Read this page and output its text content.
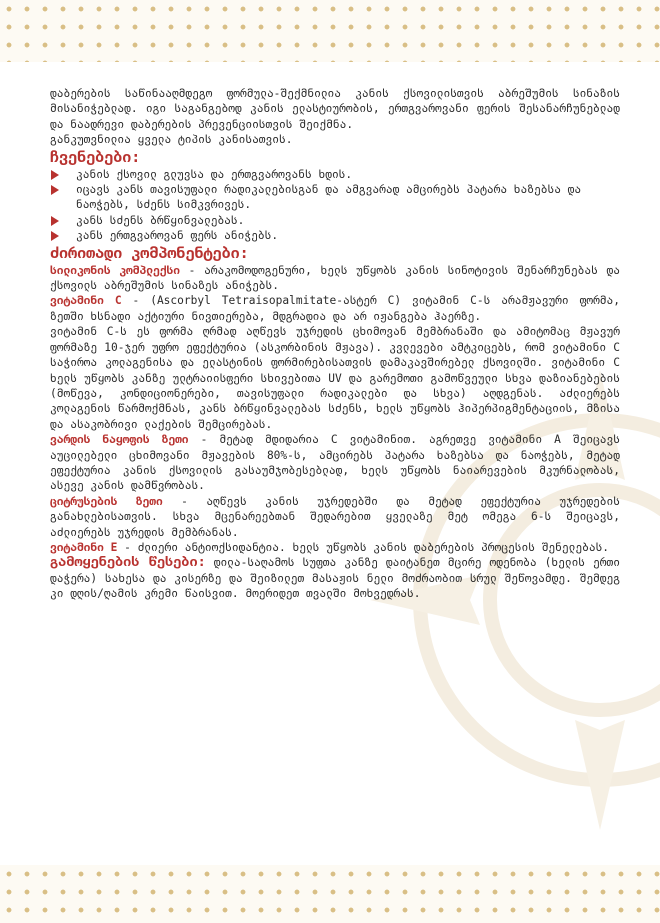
დაბერების საწინააღმდეგო ფორმულა-შექმნილია კანის ქსოვილისთვის აბრეშუმის სინაზის მისანიჭებლად. იგი საგანგებოდ კანის ელასტიურობის, ერთგვაროვანი ფერის შესანარჩუნებლად და ნაადრევი დაბერების პრევენციისთვის შეიქმნა.

განკუთვნილია ყველა ტიპის კანისათვის.

ჩვენებები:

კანის ქსოვილ გლუვსა და ერთგვაროვანს ხდის.
იცავს კანს თავისუფალი რადიკალებისგან და ამგვარად ამცირებს პატარა ხაზებსა და ნაოჭებს, სძენს სიმკვრივეს.
კანს სძენს ბრწყინვალებას.
კანს ერთგვაროვან ფერს ანიჭებს.

ძირითადი კომპონენტები:

სილიკონის კომპლექსი - არაკომოდოგენური, ხელს უწყობს კანის სინოტივის შენარჩუნებას და ქსოვილს აბრეშუმის სინაზეს ანიჭებს.

ვიტამინი C - (Ascorbyl Tetraisopalmitate-ასტერ C) ვიტამინ C-ს არამჟავური ფორმა, ზეთში ხსნადი აქტიური ნივთიერება, მდგრადია და არ იჟანგება ჰაერზე.

ვიტამინ C-ს ეს ფორმა ღრმად აღწევს უჯრედის ცხიმოვან მემბრანაში და ამიტომაც მჟავურ ფორმაზე 10-ჯერ უფრო ეფექტურია (ასკორბინის მჟავა). კვლევები ამტკიცებს, რომ ვიტამინი C საჭიროა კოლაგენისა და ელასტინის ფორმირებისათვის დამაკავშირებელ ქსოვილში. ვიტამინი C ხელს უწყობს კანზე ულტრაიისფერი სხივებითა UV და გარემოთი გამოწვეული სხვა დაზიანებების (მოწევა, კონდიციონერები, თავისუფალი რადიკალები და სხვა) აღდგენას. აძლიერებს კოლაგენის წარმოქმნას, კანს ბრწყინვალებას სძენს, ხელს უწყობს ჰიპერპიგმენტაციის, მზისა და ასაკობრივი ლაქების შემცირებას.

ვარდის ნაყოფის ზეთი - მეტად მდიდარია C ვიტამინით. აგრეთვე ვიტამინი A შეიცავს აუცილებელი ცხიმოვანი მჟავების 80%-ს, ამცირებს პატარა ხაზებსა და ნაოჭებს, მეტად ეფექტურია კანის ქსოვილის გასაუმჯობესებლად, ხელს უწყობს ნაიარევების მკურნალობას, ასევე კანის დამწვრობას.

ციტრუსების ზეთი - აღწევს კანის უჯრედებში და მეტად ეფექტურია უჯრედების განახლებისათვის. სხვა მცენარეებთან შედარებით ყველაზე მეტ ომეგა 6-ს შეიცავს, აძლიერებს უჯრედის მემბრანას.

ვიტამინი E - ძლიერი ანტიოქსიდანტია. ხელს უწყობს კანის დაბერების პროცესის შენელებას.

გამოყენების წესები: დილა-საღამოს სუფთა კანზე დაიტანეთ მცირე ოდენობა (ხელის ერთი დაჭერა) სახესა და კისერზე და შეიზილეთ მასაჟის ნელი მოძრაობით სრულ შეწოვამდე. შემდეგ კი დღის/ღამის კრემი წაისვით. მოერიდეთ თვალში მოხვედრას.
